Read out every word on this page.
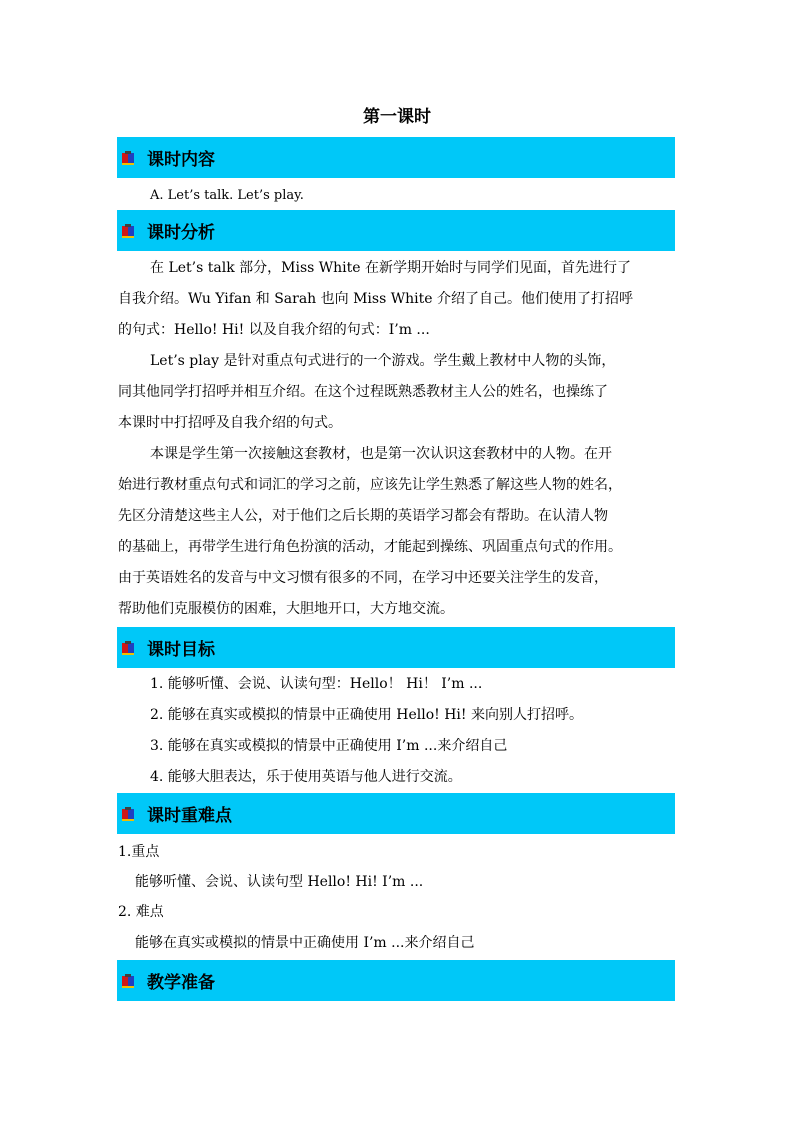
第一课时
课时内容
A. Let’s talk. Let’s play.
课时分析
在 Let’s talk 部分，Miss White 在新学期开始时与同学们见面，首先进行了
自我介绍。Wu Yifan 和 Sarah 也向 Miss White 介绍了自己。他们使用了打招呼
的句式：Hello! Hi! 以及自我介绍的句式：I’m ...
Let’s play 是针对重点句式进行的一个游戏。学生戴上教材中人物的头饰，
同其他同学打招呼并相互介绍。在这个过程既熟悉教材主人公的姓名，也操练了
本课时中打招呼及自我介绍的句式。
本课是学生第一次接触这套教材，也是第一次认识这套教材中的人物。在开
始进行教材重点句式和词汇的学习之前，应该先让学生熟悉了解这些人物的姓名，
先区分清楚这些主人公，对于他们之后长期的英语学习都会有帮助。在认清人物
的基础上，再带学生进行角色扮演的活动，才能起到操练、巩固重点句式的作用。
由于英语姓名的发音与中文习惯有很多的不同，在学习中还要关注学生的发音，
帮助他们克服模仿的困难，大胆地开口，大方地交流。
课时目标
1. 能够听懂、会说、认读句型：Hello！ Hi！ I’m ...
2. 能够在真实或模拟的情景中正确使用 Hello! Hi! 来向别人打招呼。
3. 能够在真实或模拟的情景中正确使用 I’m ...来介绍自己
4. 能够大胆表达，乐于使用英语与他人进行交流。
课时重难点
1.重点
能够听懂、会说、认读句型 Hello! Hi! I’m ...
2. 难点
能够在真实或模拟的情景中正确使用 I’m ...来介绍自己
教学准备
